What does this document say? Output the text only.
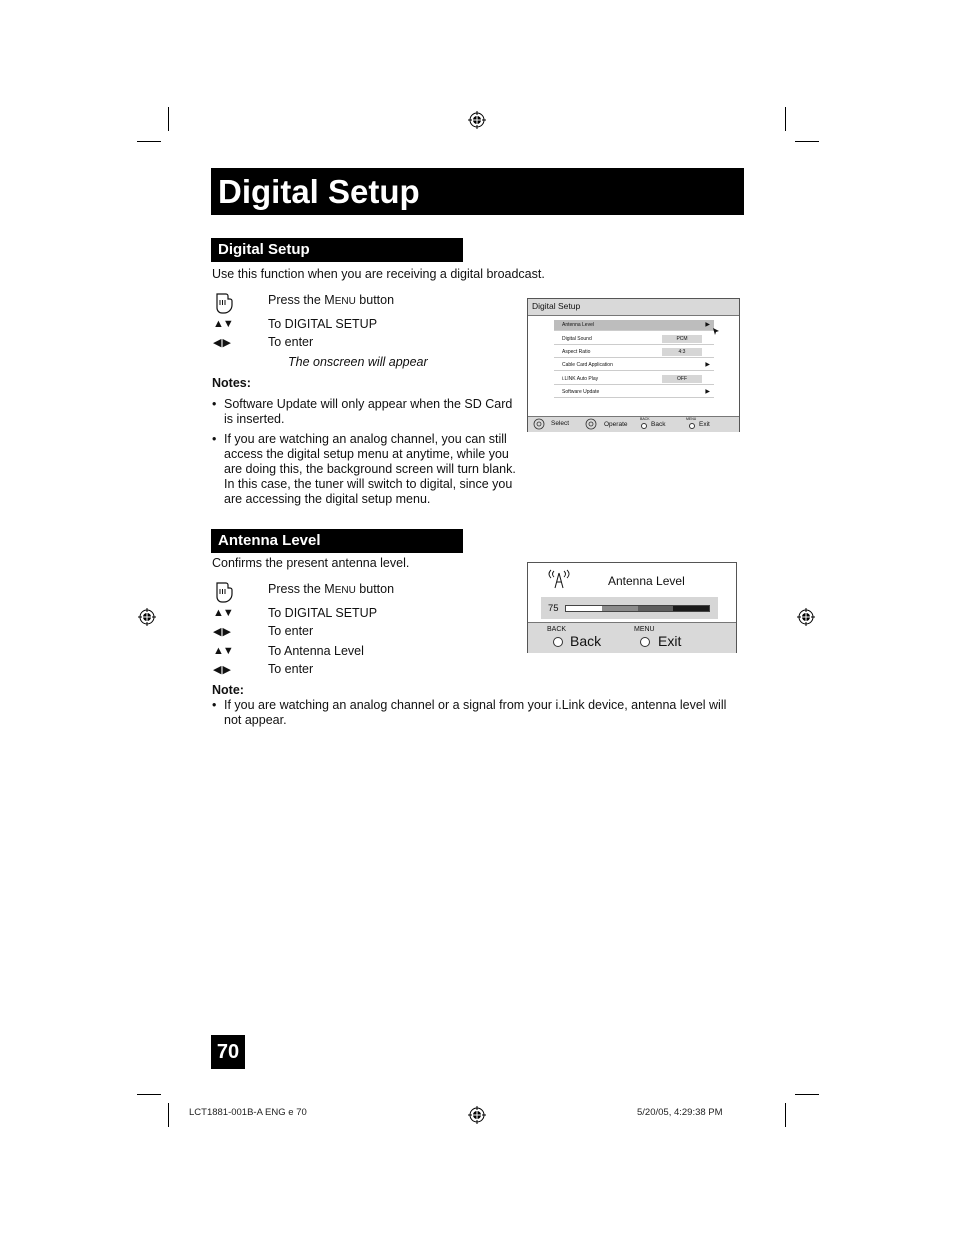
Digital Setup
Digital Setup
Use this function when you are receiving a digital broadcast.
Press the MENU button
▲▼	To DIGITAL SETUP
◀ ▶	To enter
The onscreen will appear
Notes:
• Software Update will only appear when the SD Card is inserted.
• If you are watching an analog channel, you can still access the digital setup menu at anytime, while you are doing this, the background screen will turn blank. In this case, the tuner will switch to digital, since you are accessing the digital setup menu.
Digital Setup
Antenna Level	▶
Digital Sound	PCM
Aspect Ratio	4:3
Cable Card Application	▶
i.LINK Auto Play	OFF
Software Update	▶
Select	Operate
BACK
Back
MENU
Exit
Antenna Level
Confirms the present antenna level.
Press the MENU button
▲▼	To DIGITAL SETUP
◀ ▶	To enter
▲▼	To Antenna Level
◀ ▶	To enter
Note:
• If you are watching an analog channel or a signal from your i.Link device, antenna level will not appear.
Antenna Level
75
BACK
Back
MENU
Exit
70
LCT1881-001B-A ENG e 70	5/20/05, 4:29:38 PM
